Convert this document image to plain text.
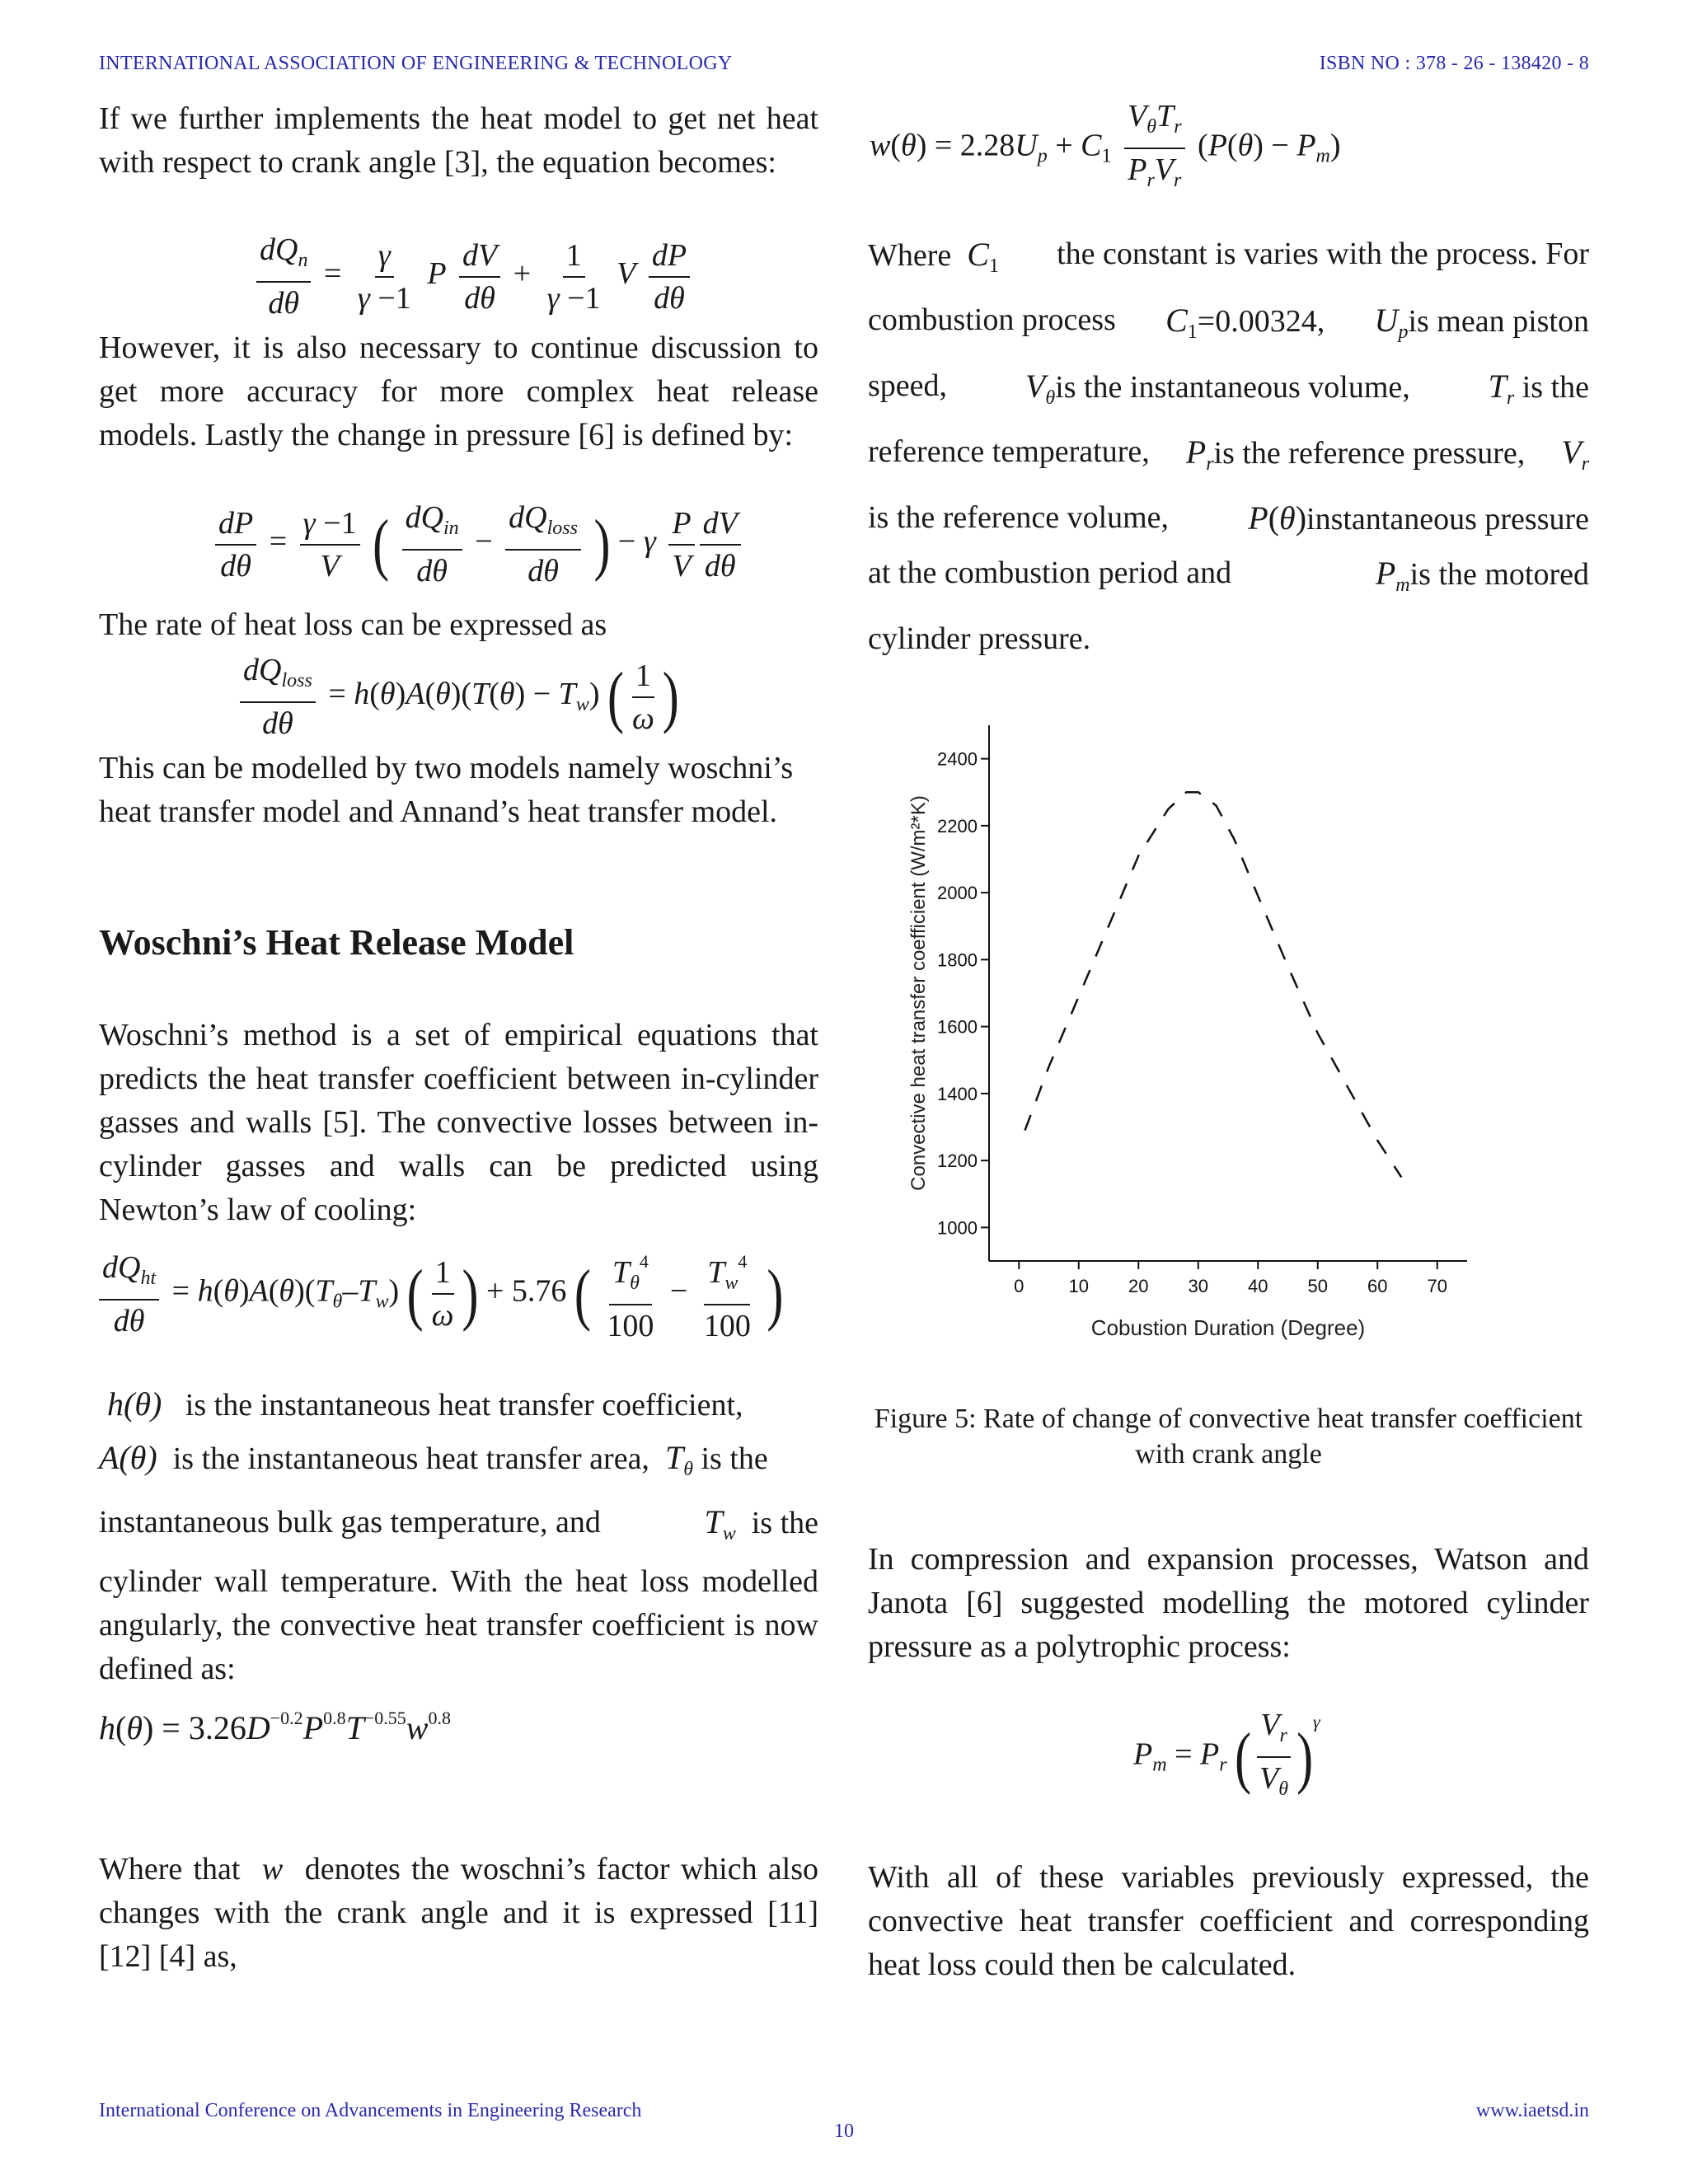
INTERNATIONAL ASSOCIATION OF ENGINEERING & TECHNOLOGY	ISBN NO : 378 - 26 - 138420 - 8

If we further implements the heat model to get net heat with respect to crank angle [3], the equation becomes:

$\frac{dQ_n}{d\theta} = \frac{\gamma}{\gamma -1}$ P $\frac{dV}{d\theta} + \frac{1}{\gamma -1}$ V $\frac{dP}{d\theta}$

However, it is also necessary to continue discussion to get more accuracy for more complex heat release models. Lastly the change in pressure [6] is defined by:

$\frac{dP}{d\theta} = \frac{\gamma -1}{V}$ ( $\frac{dQ_{in}}{d\theta} - \frac{dQ_{loss}}{d\theta}$ ) − γ $\frac{P}{V} \frac{dV}{d\theta}$

The rate of heat loss can be expressed as

$\frac{dQ_{loss}}{d\theta} = h(\theta)A(\theta)(T(\theta) - T_w)$ ( $\frac{1}{\omega}$ )

This can be modelled by two models namely woschni’s heat transfer model and Annand’s heat transfer model.

Woschni’s Heat Release Model

Woschni’s method is a set of empirical equations that predicts the heat transfer coefficient between in-cylinder gasses and walls [5]. The convective losses between in-cylinder gasses and walls can be predicted using Newton’s law of cooling:

$\frac{dQ_{ht}}{d\theta} = h(\theta)A(\theta)(T_\theta-T_w)$ ( $\frac{1}{\omega}$ ) + 5.76 ( $\frac{T_\theta^4}{100} - \frac{T_w^4}{100}$ )
h(θ) is the instantaneous heat transfer coefficient,
A(θ) is the instantaneous heat transfer area, $T_\theta$ is the
instantaneous bulk gas temperature, and	$T_w$ is the
cylinder wall temperature. With the heat loss modelled angularly, the convective heat transfer coefficient is now defined as:
$h(\theta) = 3.26D^{-0.2}P^{0.8}T^{-0.55}w^{0.8}$

Where that w denotes the woschni’s factor which also changes with the crank angle and it is expressed [11] [12] [4] as,

$w(\theta) = 2.28U_p + C_1 \frac{V_\theta T_r}{P_rV_r} (P(\theta) - P_m)$
Where $C_1$ the constant is varies with the process. For
combustion process $C_1=0.00324$, $U_pis$ mean piston
speed, $V_\theta is$ the instantaneous volume, $T_r$ is the
reference temperature, $P_ris$ the reference pressure, $V_r$
is the reference volume, P(θ)instantaneous pressure
at the combustion period and	$P_mis$ the motored
cylinder pressure.
1000
1200
1400
1600
1800
2000
2200
2400
0 10 20 30 40 50 60 70
Cobustion Duration (Degree)
Convective heat transfer coefficient (W/m²*K)
Figure 5: Rate of change of convective heat transfer coefficient with crank angle

In compression and expansion processes, Watson and Janota [6] suggested modelling the motored cylinder pressure as a polytrophic process:

$P_m = P_r$ ( $\frac{V_r}{V_\theta} )^\gamma$

With all of these variables previously expressed, the convective heat transfer coefficient and corresponding heat loss could then be calculated.

International Conference on Advancements in Engineering Research	www.iaetsd.in
10
